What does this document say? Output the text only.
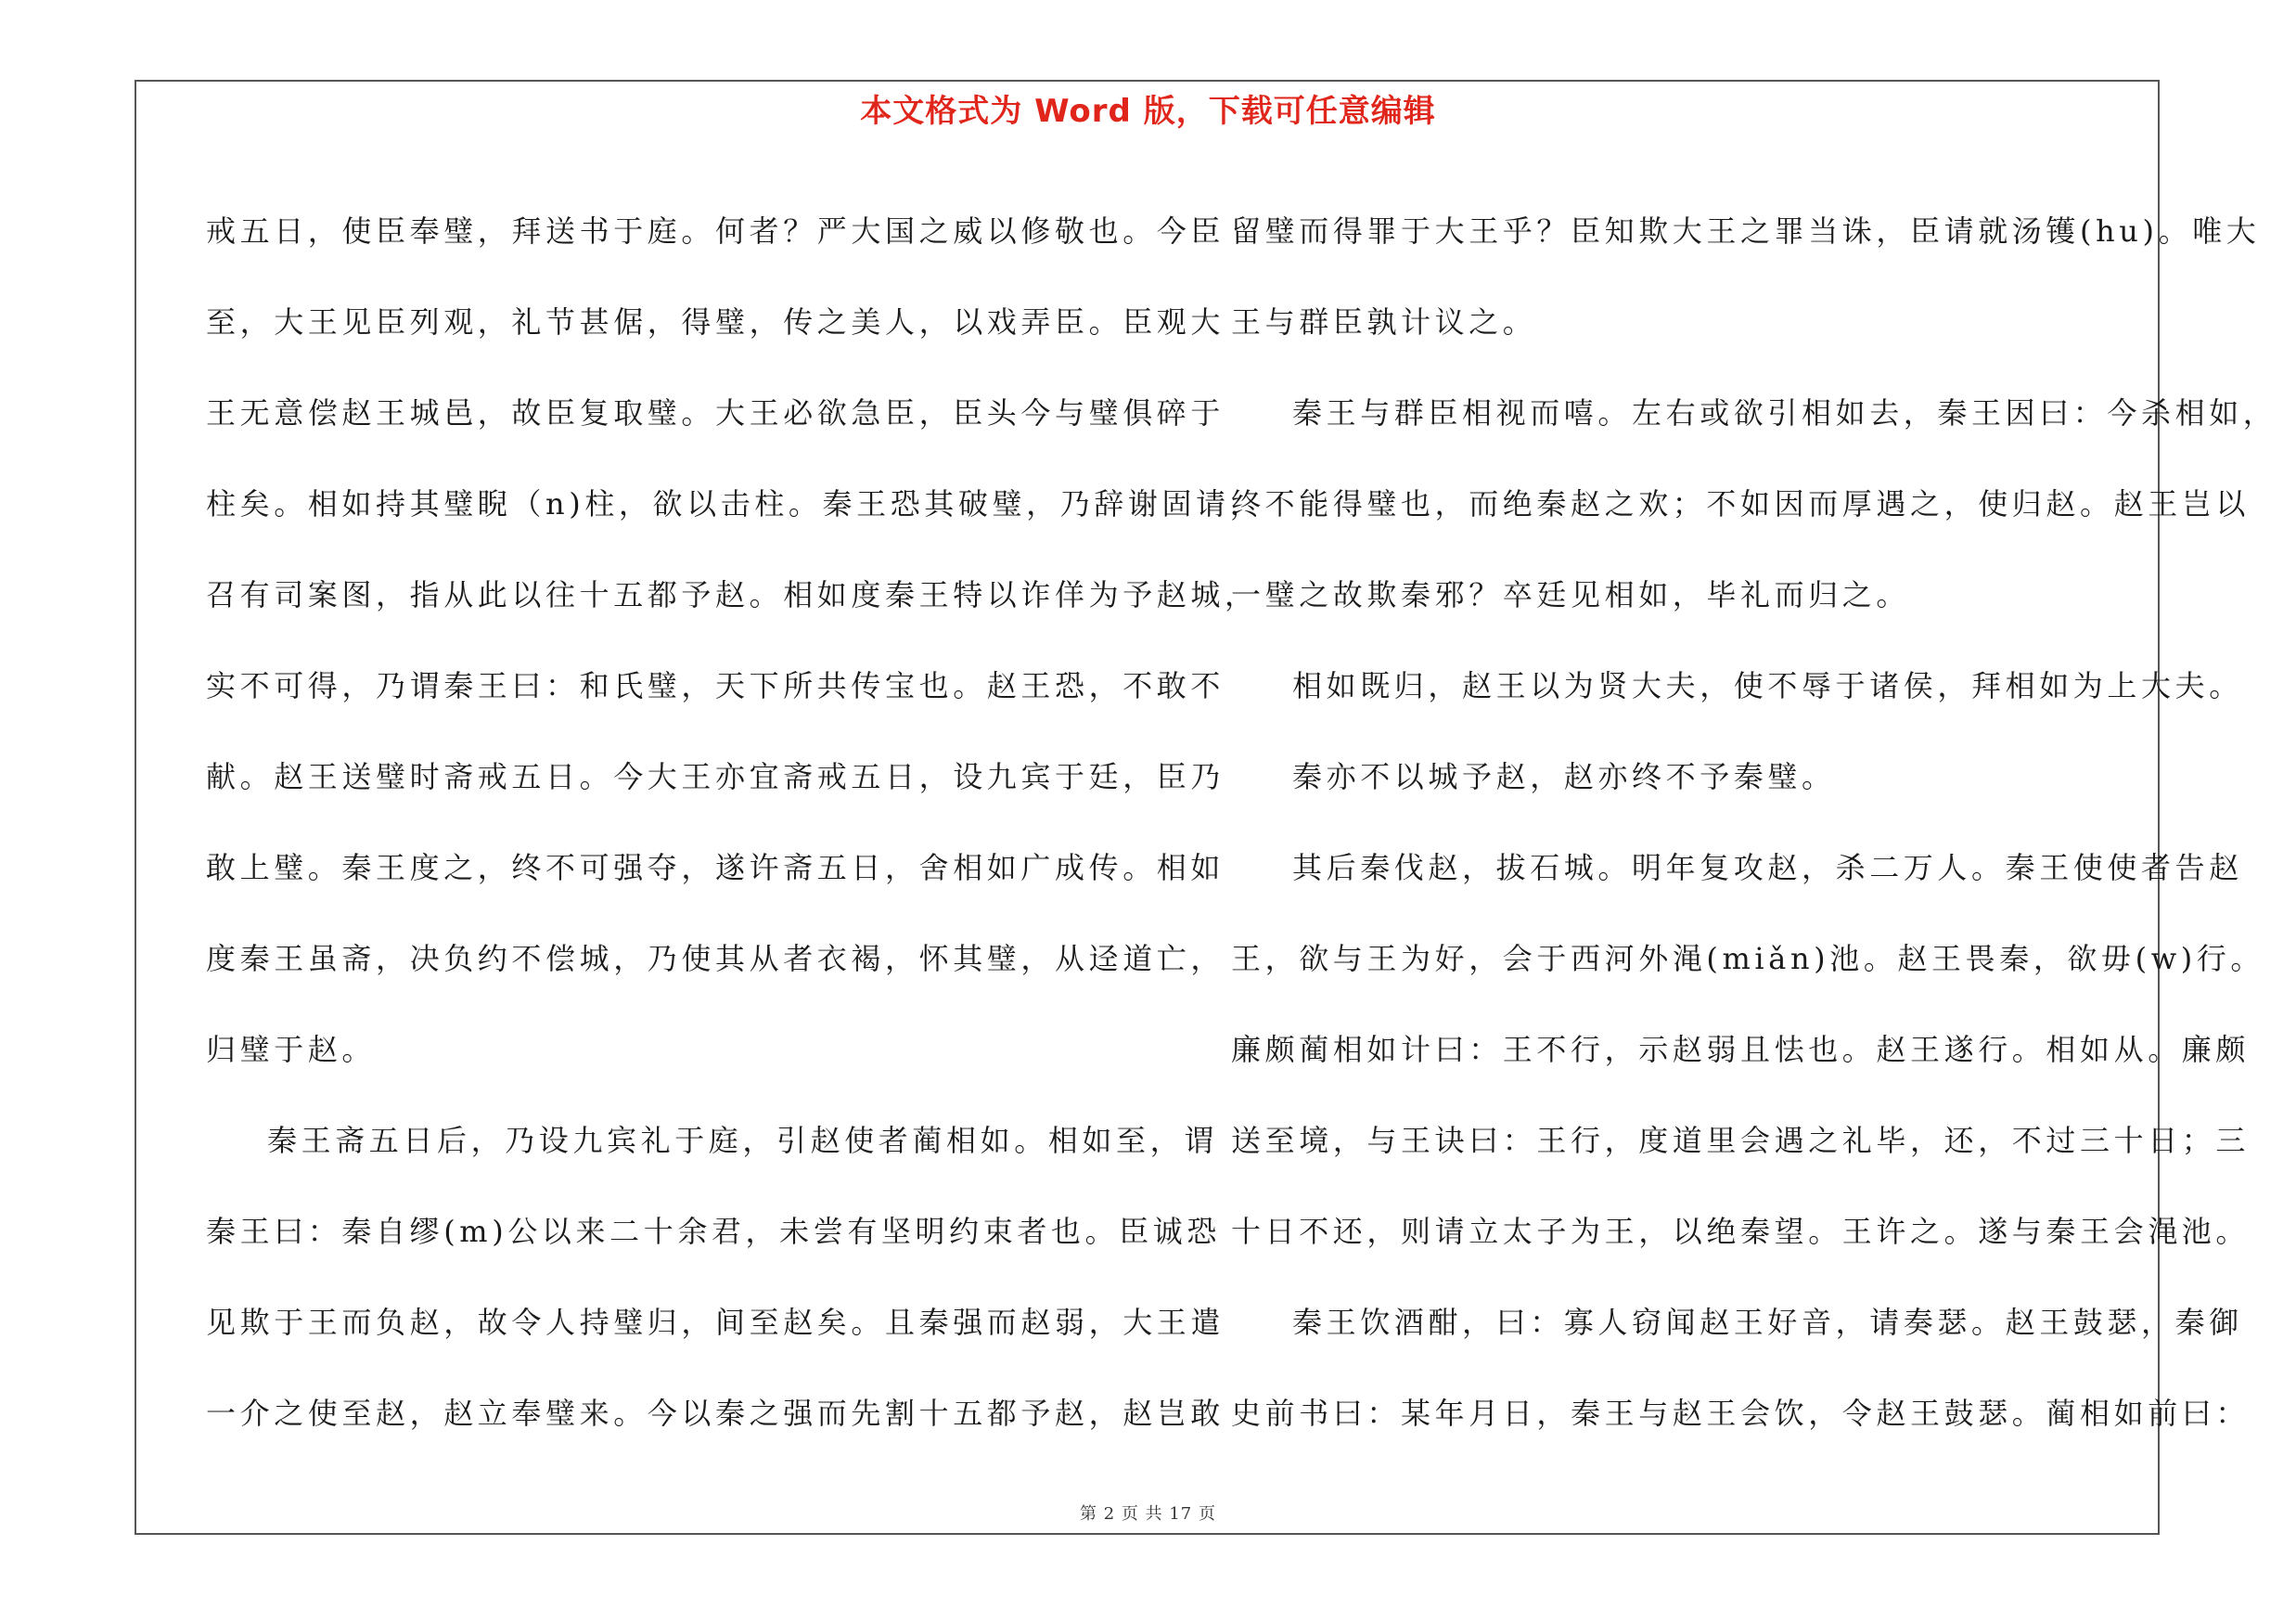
本文格式为 Word 版，下载可任意编辑
戒五日，使臣奉璧，拜送书于庭。何者？严大国之威以修敬也。今臣
至，大王见臣列观，礼节甚倨，得璧，传之美人，以戏弄臣。臣观大
王无意偿赵王城邑，故臣复取璧。大王必欲急臣，臣头今与璧俱碎于
柱矣。相如持其璧睨（n)柱，欲以击柱。秦王恐其破璧，乃辞谢固请，
召有司案图，指从此以往十五都予赵。相如度秦王特以诈佯为予赵城，
实不可得，乃谓秦王曰：和氏璧，天下所共传宝也。赵王恐，不敢不
献。赵王送璧时斋戒五日。今大王亦宜斋戒五日，设九宾于廷，臣乃
敢上璧。秦王度之，终不可强夺，遂许斋五日，舍相如广成传。相如
度秦王虽斋，决负约不偿城，乃使其从者衣褐，怀其璧，从迳道亡，
归璧于赵。
秦王斋五日后，乃设九宾礼于庭，引赵使者蔺相如。相如至，谓
秦王曰：秦自缪(m)公以来二十余君，未尝有坚明约束者也。臣诚恐
见欺于王而负赵，故令人持璧归，间至赵矣。且秦强而赵弱，大王遣
一介之使至赵，赵立奉璧来。今以秦之强而先割十五都予赵，赵岂敢
留璧而得罪于大王乎？臣知欺大王之罪当诛，臣请就汤镬(hu)。唯大
王与群臣孰计议之。
秦王与群臣相视而嘻。左右或欲引相如去，秦王因曰：今杀相如，
终不能得璧也，而绝秦赵之欢；不如因而厚遇之，使归赵。赵王岂以
一璧之故欺秦邪？卒廷见相如，毕礼而归之。
相如既归，赵王以为贤大夫，使不辱于诸侯，拜相如为上大夫。
秦亦不以城予赵，赵亦终不予秦璧。
其后秦伐赵，拔石城。明年复攻赵，杀二万人。秦王使使者告赵
王，欲与王为好，会于西河外渑(miǎn)池。赵王畏秦，欲毋(w)行。
廉颇蔺相如计曰：王不行，示赵弱且怯也。赵王遂行。相如从。廉颇
送至境，与王诀曰：王行，度道里会遇之礼毕，还，不过三十日；三
十日不还，则请立太子为王，以绝秦望。王许之。遂与秦王会渑池。
秦王饮酒酣，曰：寡人窃闻赵王好音，请奏瑟。赵王鼓瑟，秦御
史前书曰：某年月日，秦王与赵王会饮，令赵王鼓瑟。蔺相如前曰：
第 2 页 共 17 页
